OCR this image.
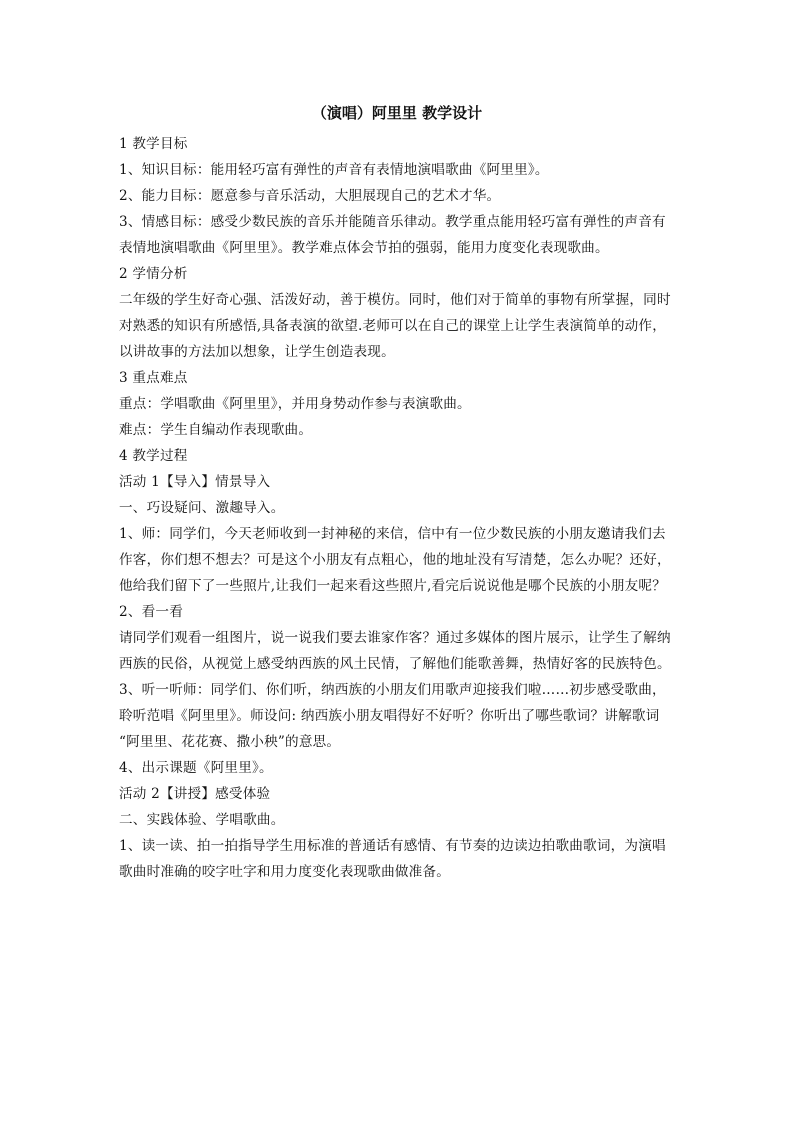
（演唱）阿里里 教学设计

1 教学目标

1、知识目标：能用轻巧富有弹性的声音有表情地演唱歌曲《阿里里》。

2、能力目标：愿意参与音乐活动，大胆展现自己的艺术才华。

3、情感目标：感受少数民族的音乐并能随音乐律动。教学重点能用轻巧富有弹性的声音有

表情地演唱歌曲《阿里里》。教学难点体会节拍的强弱，能用力度变化表现歌曲。

2 学情分析

二年级的学生好奇心强、活泼好动，善于模仿。同时，他们对于简单的事物有所掌握，同时

对熟悉的知识有所感悟,具备表演的欲望.老师可以在自己的课堂上让学生表演简单的动作，

以讲故事的方法加以想象，让学生创造表现。

3 重点难点

重点：学唱歌曲《阿里里》，并用身势动作参与表演歌曲。

难点：学生自编动作表现歌曲。

4 教学过程

活动 1【导入】情景导入

一、巧设疑问、激趣导入。

1、师：同学们，今天老师收到一封神秘的来信，信中有一位少数民族的小朋友邀请我们去

作客，你们想不想去？可是这个小朋友有点粗心，他的地址没有写清楚，怎么办呢？还好，

他给我们留下了一些照片,让我们一起来看这些照片,看完后说说他是哪个民族的小朋友呢？

2、看一看

请同学们观看一组图片，说一说我们要去谁家作客？通过多媒体的图片展示，让学生了解纳

西族的民俗，从视觉上感受纳西族的风土民情，了解他们能歌善舞，热情好客的民族特色。

3、听一听师：同学们、你们听，纳西族的小朋友们用歌声迎接我们啦……初步感受歌曲，

聆听范唱《阿里里》。师设问: 纳西族小朋友唱得好不好听？你听出了哪些歌词？讲解歌词

“阿里里、花花赛、撒小秧”的意思。

4、出示课题《阿里里》。

活动 2【讲授】感受体验

二、实践体验、学唱歌曲。

1、读一读、拍一拍指导学生用标准的普通话有感情、有节奏的边读边拍歌曲歌词，为演唱

歌曲时准确的咬字吐字和用力度变化表现歌曲做准备。
